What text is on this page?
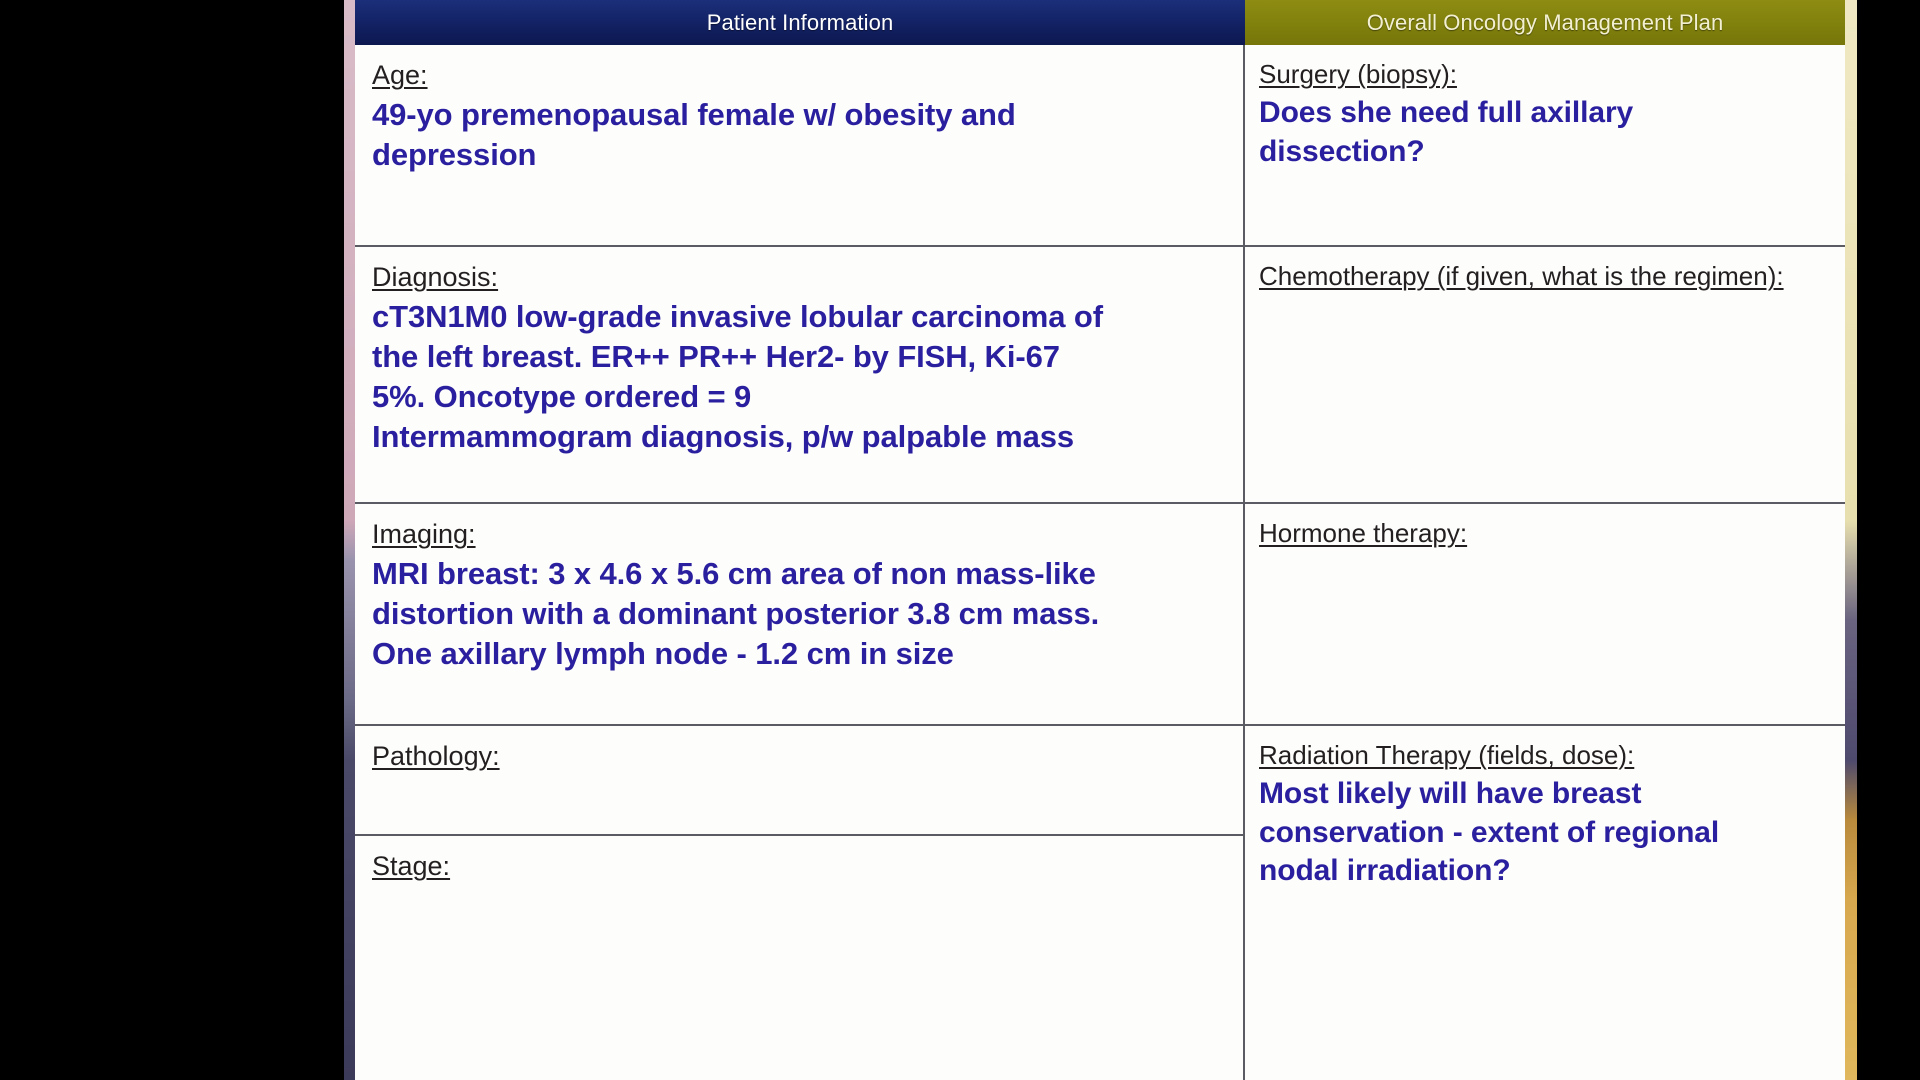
Patient Information	Overall Oncology Management Plan
Age:
49-yo premenopausal female w/ obesity and
depression
Diagnosis:
cT3N1M0 low-grade invasive lobular carcinoma of
the left breast. ER++ PR++ Her2- by FISH, Ki-67
5%. Oncotype ordered = 9
Intermammogram diagnosis, p/w palpable mass
Imaging:
MRI breast: 3 x 4.6 x 5.6 cm area of non mass-like
distortion with a dominant posterior 3.8 cm mass.
One axillary lymph node - 1.2 cm in size
Pathology:
Stage:
Surgery (biopsy):
Does she need full axillary
dissection?
Chemotherapy (if given, what is the regimen):
Hormone therapy:
Radiation Therapy (fields, dose):
Most likely will have breast
conservation - extent of regional
nodal irradiation?
